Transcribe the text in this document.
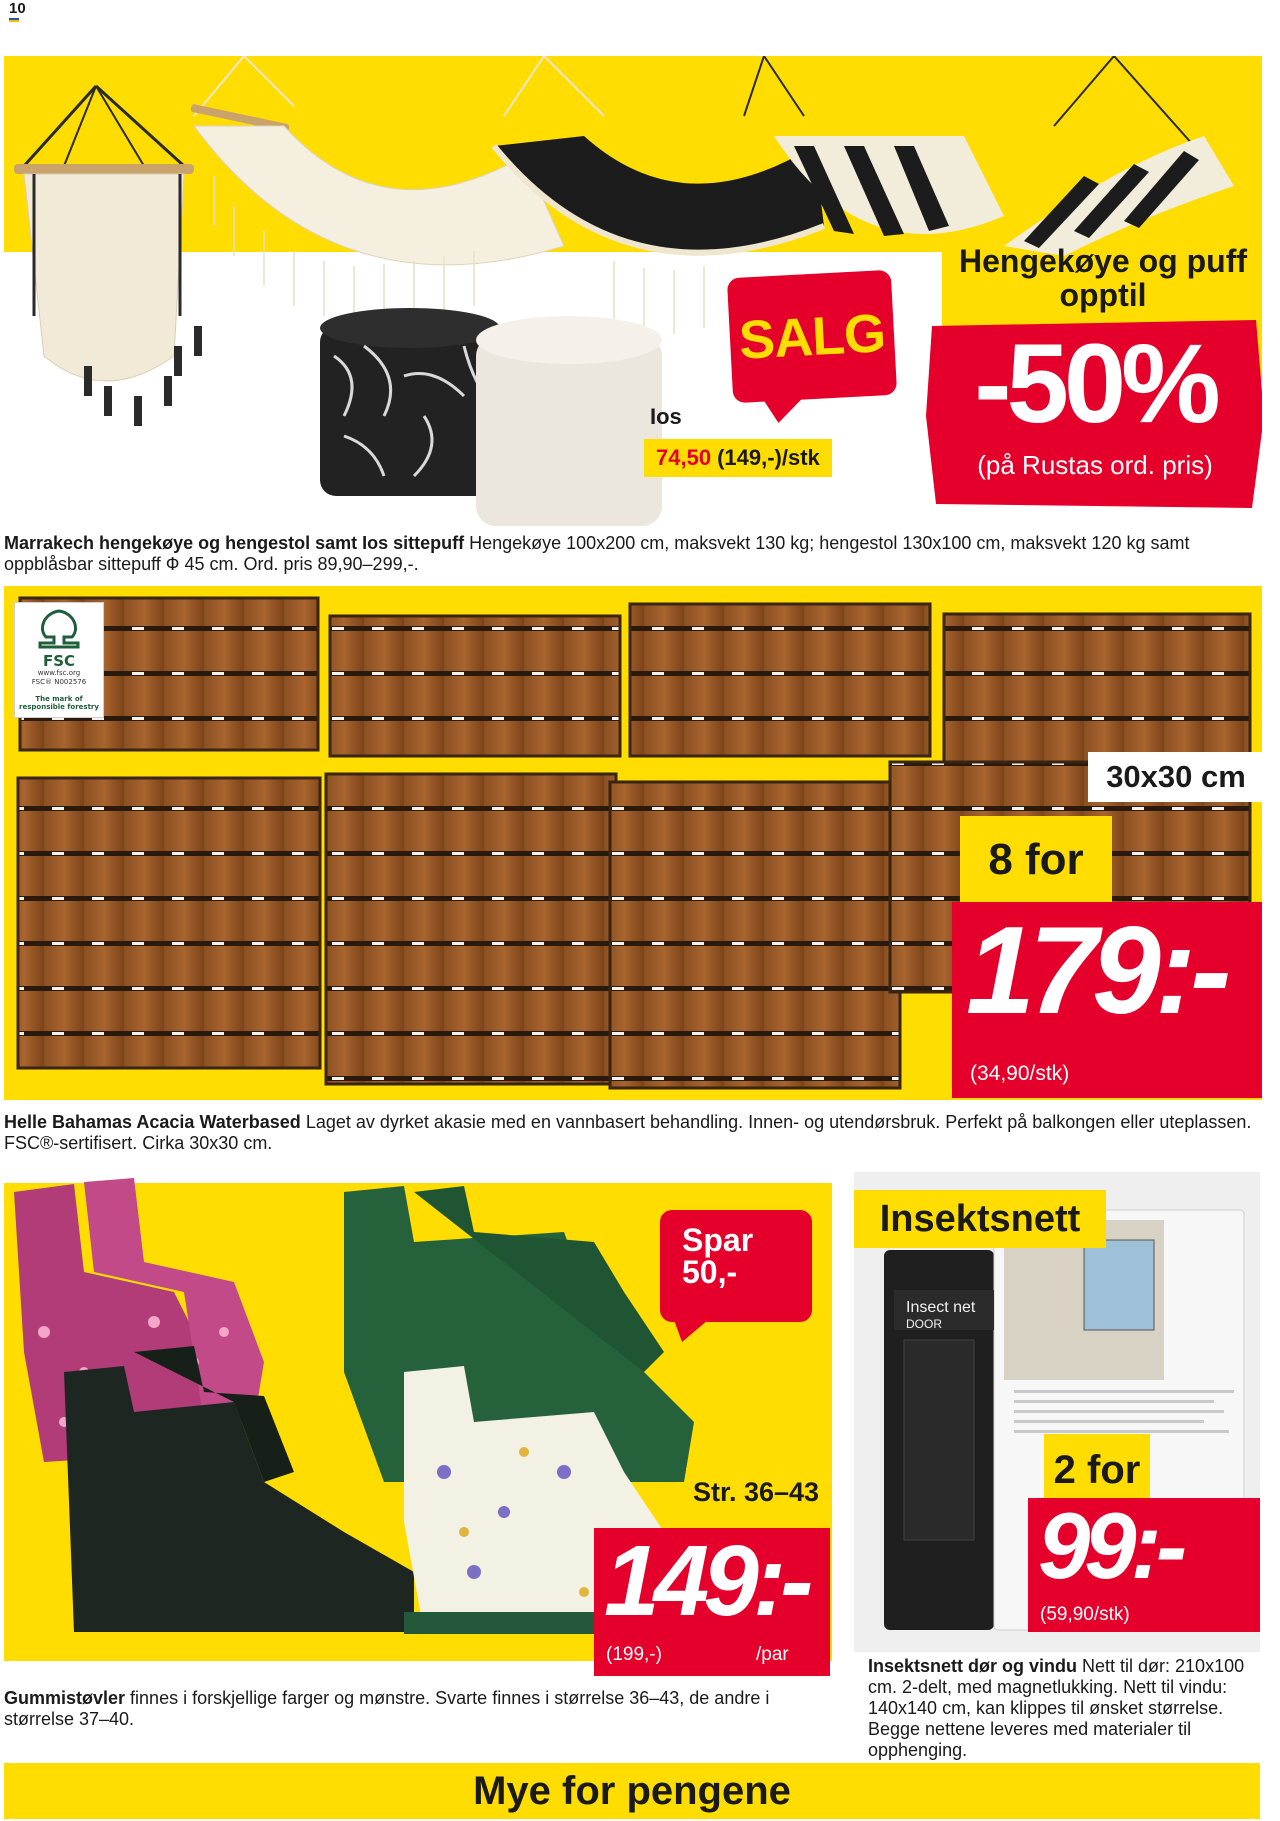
10
SALG
Hengekøye og puff opptil
-50%
(på Rustas ord. pris)
Ios
74,50 (149,-)/stk
Marrakech hengekøye og hengestol samt Ios sittepuff Hengekøye 100x200 cm, maksvekt 130 kg; hengestol 130x100 cm, maksvekt 120 kg samt oppblåsbar sittepuff Ф 45 cm. Ord. pris 89,90–299,-.
FSC
www.fsc.org
FSC® N002576
The mark of responsible forestry
30x30 cm
8 for
179:-
(34,90/stk)
Helle Bahamas Acacia Waterbased Laget av dyrket akasie med en vannbasert behandling. Innen- og utendørsbruk. Perfekt på balkongen eller uteplassen. FSC®-sertifisert. Cirka 30x30 cm.
Spar
50,-
Str. 36–43
149:-
(199,-)	/par
Gummistøvler finnes i forskjellige farger og mønstre. Svarte finnes i størrelse 36–43, de andre i størrelse 37–40.
Insect net
DOOR
Insektsnett
2 for
99:-
(59,90/stk)
Insektsnett dør og vindu Nett til dør: 210x100 cm. 2-delt, med magnetlukking. Nett til vindu: 140x140 cm, kan klippes til ønsket størrelse. Begge nettene leveres med materialer til opphenging.
Mye for pengene
